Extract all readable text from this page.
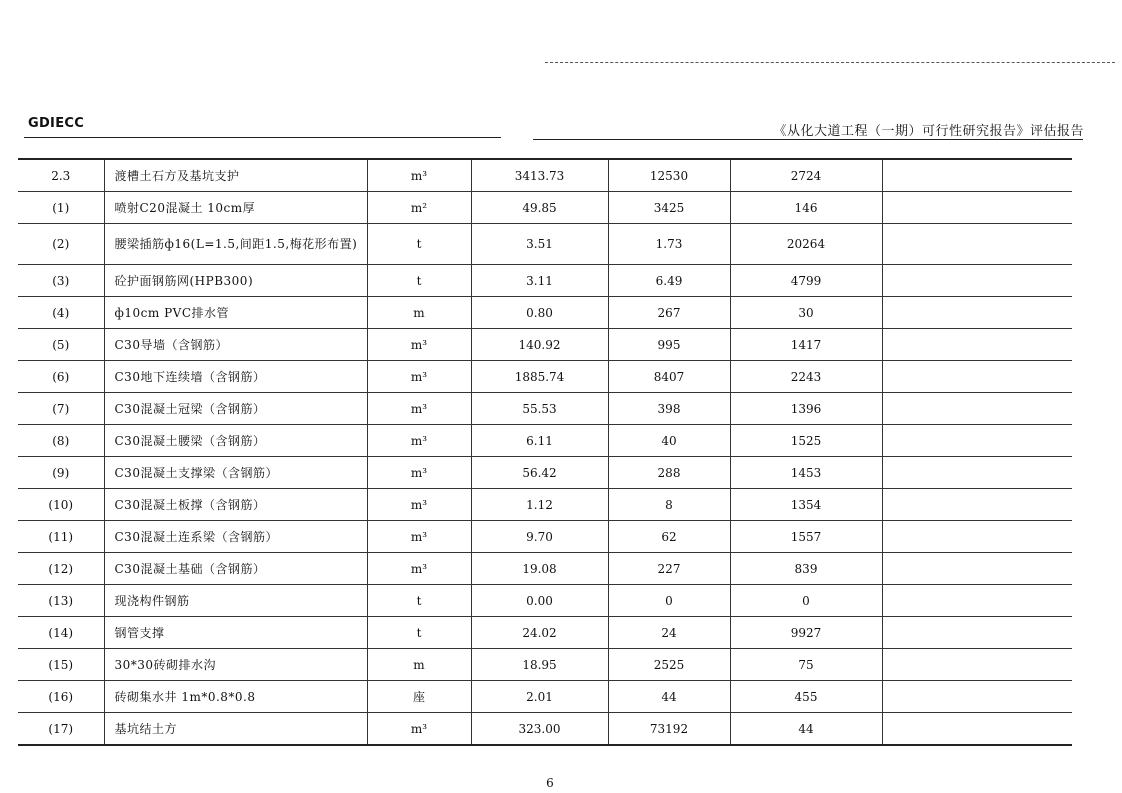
GDIECC
《从化大道工程（一期）可行性研究报告》评估报告
2.3	渡槽土石方及基坑支护	m³	3413.73	12530	2724	
(1)	喷射C20混凝土 10cm厚	m²	49.85	3425	146	
(2)	腰梁插筋ф16(L=1.5,间距1.5,梅花形布置)	t	3.51	1.73	20264	
(3)	砼护面钢筋网(HPB300)	t	3.11	6.49	4799	
(4)	ф10cm PVC排水管	m	0.80	267	30	
(5)	C30导墙（含钢筋）	m³	140.92	995	1417	
(6)	C30地下连续墙（含钢筋）	m³	1885.74	8407	2243	
(7)	C30混凝土冠梁（含钢筋）	m³	55.53	398	1396	
(8)	C30混凝土腰梁（含钢筋）	m³	6.11	40	1525	
(9)	C30混凝土支撑梁（含钢筋）	m³	56.42	288	1453	
(10)	C30混凝土板撑（含钢筋）	m³	1.12	8	1354	
(11)	C30混凝土连系梁（含钢筋）	m³	9.70	62	1557	
(12)	C30混凝土基础（含钢筋）	m³	19.08	227	839	
(13)	现浇构件钢筋	t	0.00	0	0	
(14)	钢管支撑	t	24.02	24	9927	
(15)	30*30砖砌排水沟	m	18.95	2525	75	
(16)	砖砌集水井 1m*0.8*0.8	座	2.01	44	455	
(17)	基坑结土方	m³	323.00	73192	44	
6
